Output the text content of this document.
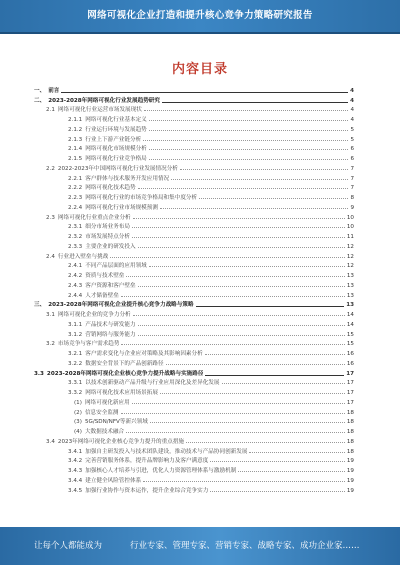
网络可视化企业打造和提升核心竞争力策略研究报告
内容目录
一、 前言	4
二、 2023-2028年网络可视化行业发展趋势研究	4
2.1 网络可视化行业运营市场发展现状	4
2.1.1 网络可视化行业基本定义	4
2.1.2 行业运行环境与发展趋势	5
2.1.3 行业上下游产业链分析	5
2.1.4 网络可视化市场规模分析	6
2.1.5 网络可视化行业竞争格局	6
2.2 2022-2023年中国网络可视化行业发展情况分析	7
2.2.1 客户群体与技术服务开发应用情况	7
2.2.2 网络可视化技术趋势	7
2.2.3 网络可视化行业的市场竞争格局和集中度分析	8
2.2.4 网络可视化行业市场规模预测	9
2.3 网络可视化行业重点企业分析	10
2.3.1 细分市场业务布局	10
2.3.2 市场发展特点分析	11
2.3.3 主要企业的研发投入	12
2.4 行业进入壁垒与挑战	12
2.4.1 不同产品层面的应用领域	12
2.4.2 资质与技术壁垒	13
2.4.3 客户资源和客户壁垒	13
2.4.4 人才储备壁垒	13
三、 2023-2028年网络可视化企业提升核心竞争力战略与策略	13
3.1 网络可视化企业的竞争力分析	14
3.1.1 产品技术与研发能力	14
3.1.2 营销网络与服务能力	15
3.2 市场竞争与客户需求趋势	15
3.2.1 客户需求变化与企业应对策略及其影响因素分析	16
3.2.2 数据安全背景下的产品创新路径	16
3.3 2023-2028年网络可视化企业核心竞争力提升战略与实施路径	17
3.3.1 以技术创新驱动产品升级与行业应用深化及差异化发展	17
3.3.2 网络可视化技术应用场景拓展	17
(1) 网络可视化新应用	17
(2) 信息安全监测	18
(3) 5G/SDN/NFV等新兴领域	18
(4) 大数据技术融合	18
3.4 2023年网络可视化企业核心竞争力提升的重点措施	18
3.4.1 加强自主研发投入与技术团队建设，推动技术与产品协同创新发展	18
3.4.2 完善营销服务体系，提升品牌影响力及客户满意度	19
3.4.3 加强核心人才培养与引进，优化人力资源管理体系与激励机制	19
3.4.4 建立健全风险管控体系	19
3.4.5 加强行业协作与资本运作，提升企业综合竞争实力	19
让每个人都能成为	行业专家、管理专家、营销专家、战略专家、成功企业家……
